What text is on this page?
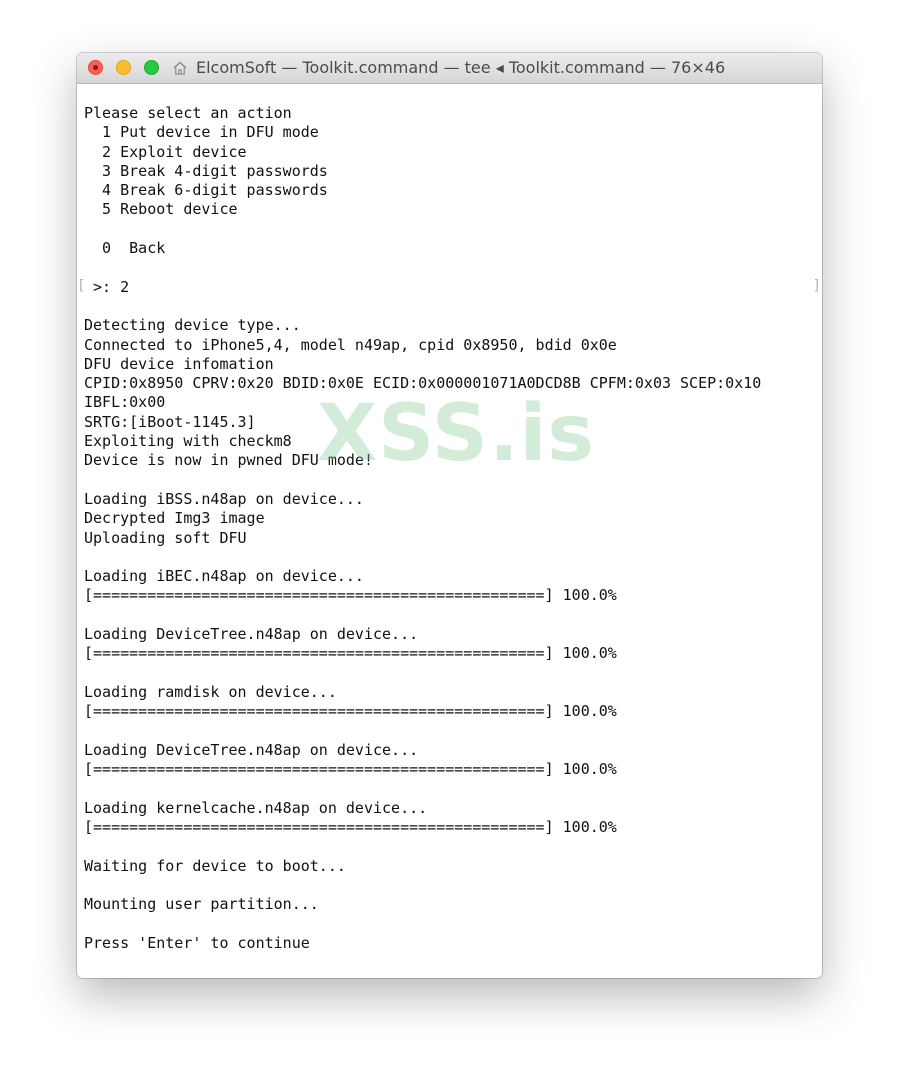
ElcomSoft — Toolkit.command — tee ◂ Toolkit.command — 76×46
Please select an action
1 Put device in DFU mode
2 Exploit device
3 Break 4-digit passwords
4 Break 6-digit passwords
5 Reboot device
0  Back
>: 2
Detecting device type...
Connected to iPhone5,4, model n49ap, cpid 0x8950, bdid 0x0e
DFU device infomation
CPID:0x8950 CPRV:0x20 BDID:0x0E ECID:0x000001071A0DCD8B CPFM:0x03 SCEP:0x10
IBFL:0x00
SRTG:[iBoot-1145.3]
Exploiting with checkm8
Device is now in pwned DFU mode!
Loading iBSS.n48ap on device...
Decrypted Img3 image
Uploading soft DFU
Loading iBEC.n48ap on device...
[==================================================] 100.0%
Loading DeviceTree.n48ap on device...
[==================================================] 100.0%
Loading ramdisk on device...
[==================================================] 100.0%
Loading DeviceTree.n48ap on device...
[==================================================] 100.0%
Loading kernelcache.n48ap on device...
[==================================================] 100.0%
Waiting for device to boot...
Mounting user partition...
Press 'Enter' to continue
[	]
XSS.is
